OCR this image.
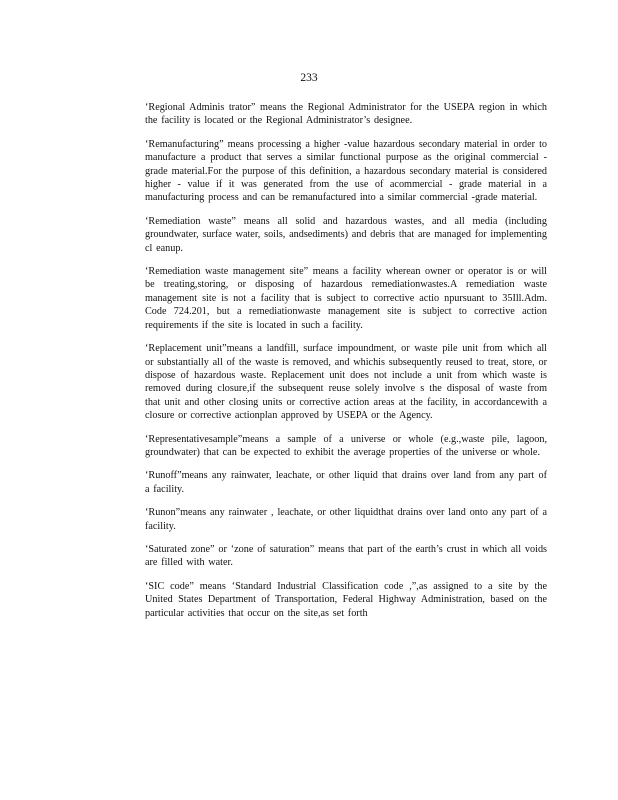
233

‘Regional Adminis trator” means the Regional Administrator for the USEPA region in which the facility is located or the Regional Administrator’s designee.

‘Remanufacturing” means processing a higher -value hazardous secondary material in order to manufacture a product that serves a similar functional purpose as the original commercial -grade material.For the purpose of this definition, a hazardous secondary material is considered higher - value if it was generated from the use of acommercial - grade material in a manufacturing process and can be remanufactured into a similar commercial -grade material.

‘Remediation waste” means all solid and hazardous wastes, and all media (including groundwater, surface water, soils, andsediments) and debris that are managed for implementing cl eanup.

‘Remediation waste management site” means a facility wherean owner or operator is or will be treating,storing, or disposing of hazardous remediationwastes.A remediation waste management site is not a facility that is subject to corrective actio npursuant to 35Ill.Adm. Code 724.201, but a remediationwaste management site is subject to corrective action requirements if the site is located in such a facility.

‘Replacement unit”means a landfill, surface impoundment, or waste pile unit from which all or substantially all of the waste is removed, and whichis subsequently reused to treat, store, or dispose of hazardous waste. Replacement unit does not include a unit from which waste is removed during closure,if the subsequent reuse solely involve s the disposal of waste from that unit and other closing units or corrective action areas at the facility, in accordancewith a closure or corrective actionplan approved by USEPA or the Agency.

‘Representativesample”means a sample of a universe or whole (e.g.,waste pile, lagoon, groundwater) that can be expected to exhibit the average properties of the universe or whole.

‘Runoff”means any rainwater, leachate, or other liquid that drains over land from any part of a facility.

‘Runon”means any rainwater , leachate, or other liquidthat drains over land onto any part of a facility.

‘Saturated zone” or ‘zone of saturation” means that part of the earth’s crust in which all voids are filled with water.

‘SIC code” means ‘Standard Industrial Classification code ,”,as assigned to a site by the United States Department of Transportation, Federal Highway Administration, based on the particular activities that occur on the site,as set forth
